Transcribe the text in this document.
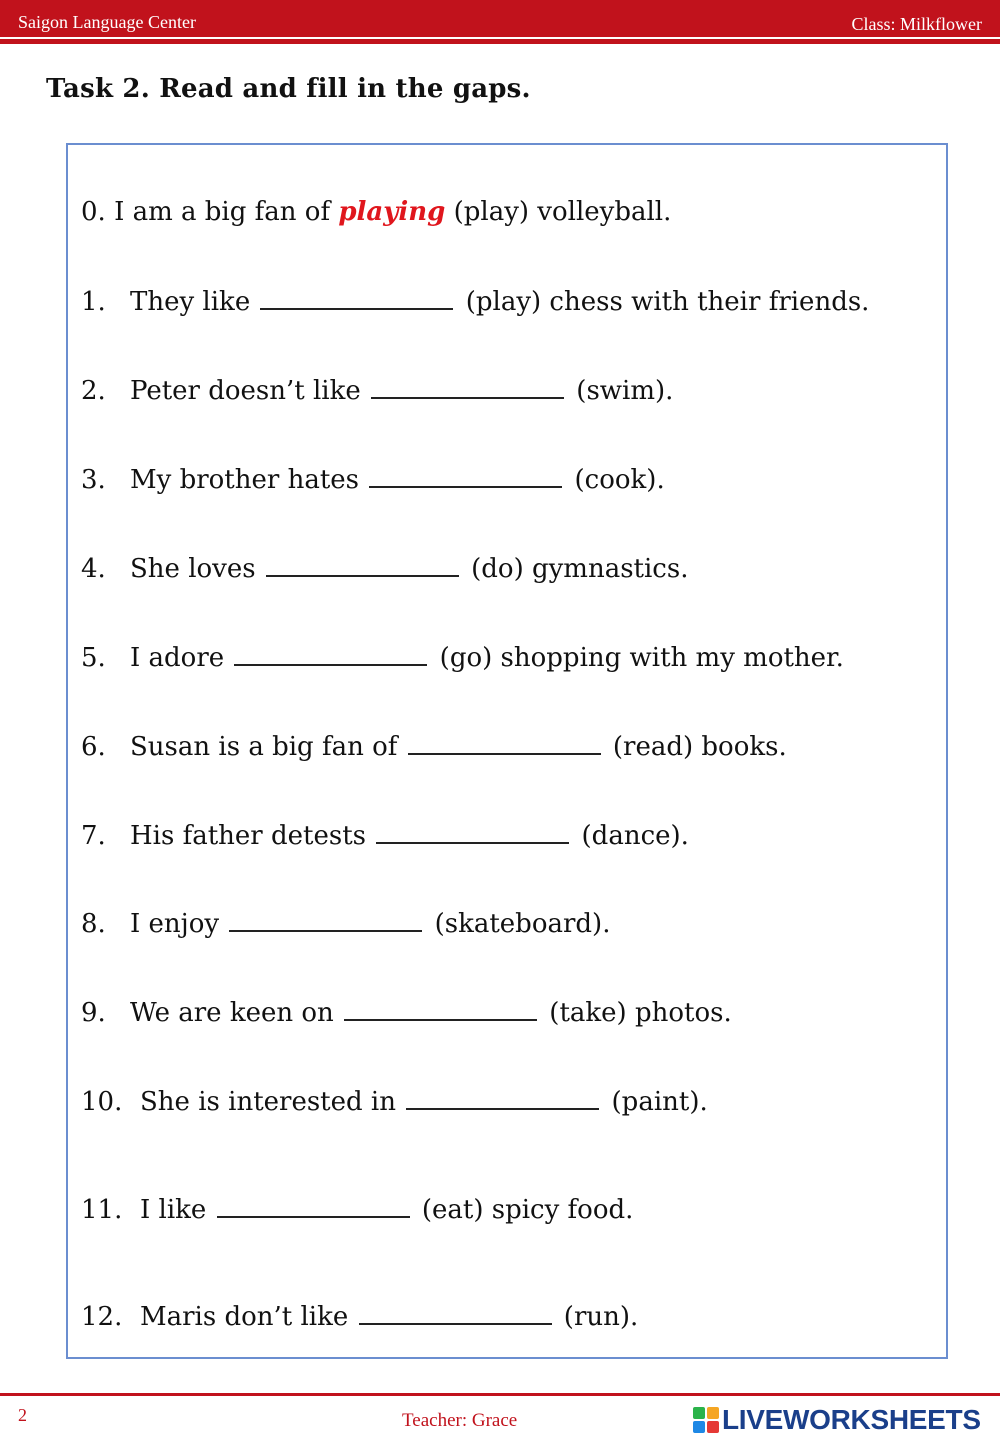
Saigon Language Center	Class: Milkflower
Task 2. Read and fill in the gaps.
0. I am a big fan of playing (play) volleyball.
1. They like	(play) chess with their friends.
2. Peter doesn’t like	(swim).
3. My brother hates	(cook).
4. She loves	(do) gymnastics.
5. I adore	(go) shopping with my mother.
6. Susan is a big fan of	(read) books.
7. His father detests	(dance).
8. I enjoy	(skateboard).
9. We are keen on	(take) photos.
10. She is interested in	(paint).
11. I like	(eat) spicy food.
12. Maris don’t like	(run).
2	Teacher: Grace	LIVEWORKSHEETS
